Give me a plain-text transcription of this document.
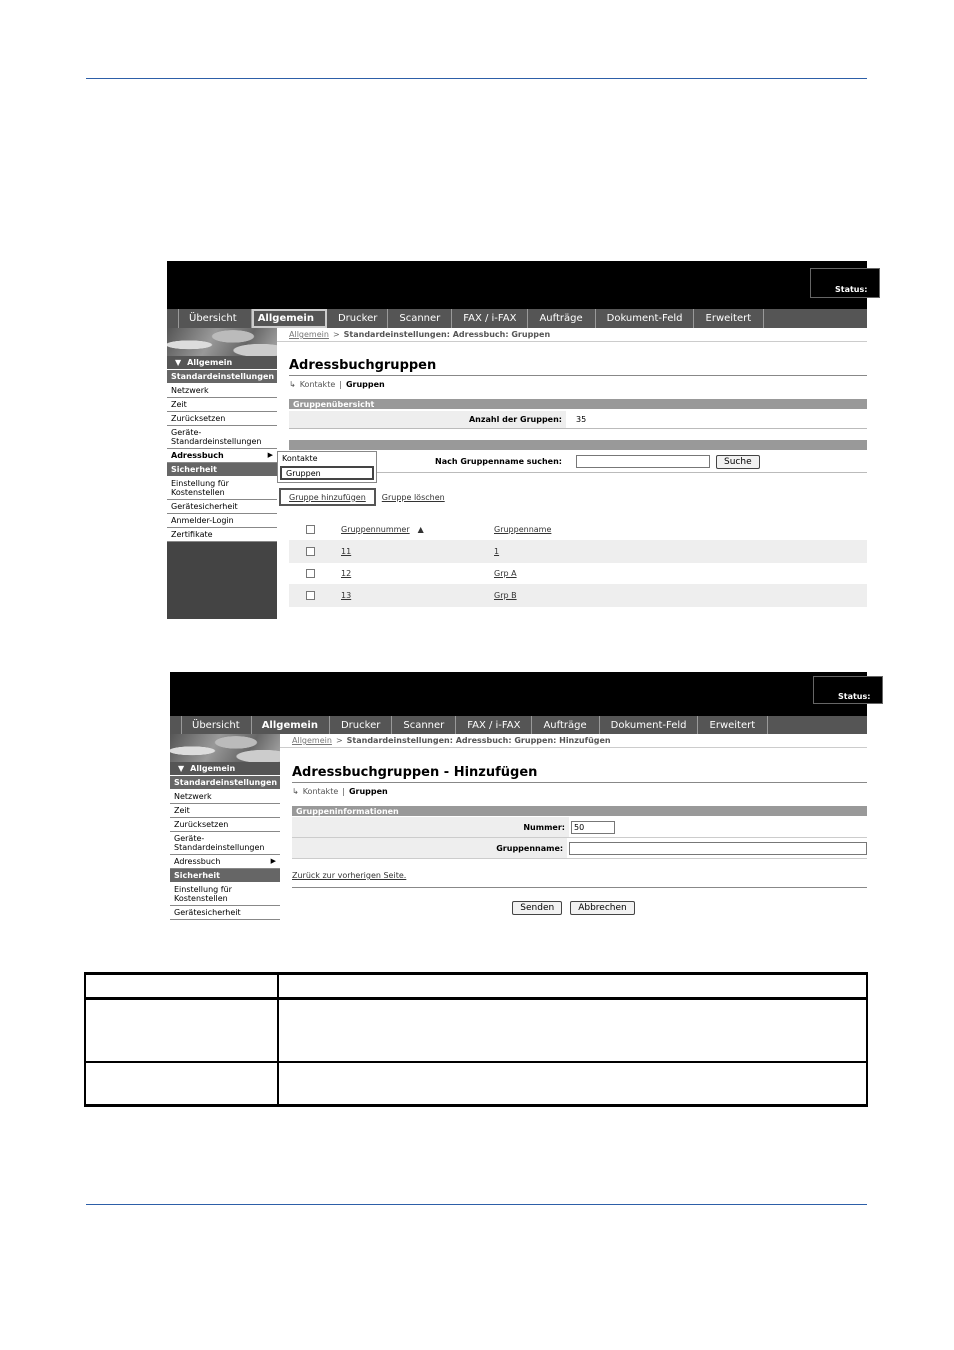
Status:
Übersicht	Allgemein	Drucker	Scanner	FAX / i-FAX	Aufträge	Dokument-Feld	Erweitert
▼ Allgemein
Standardeinstellungen
Netzwerk
Zeit
Zurücksetzen
Geräte-Standardeinstellungen
Adressbuch	▶
Sicherheit
Einstellung für Kostenstellen
Gerätesicherheit
Anmelder-Login
Zertifikate
Allgemein > Standardeinstellungen: Adressbuch: Gruppen
Adressbuchgruppen
↳ Kontakte | Gruppen
Gruppenübersicht
Anzahl der Gruppen:	35
Nach Gruppenname suchen:	Suche
Gruppe hinzufügen Gruppe löschen
Gruppennummer ▲	Gruppenname
11	1
12	Grp A
13	Grp B
Kontakte
Gruppen
Status:
Übersicht	Allgemein	Drucker	Scanner	FAX / i-FAX	Aufträge	Dokument-Feld	Erweitert
▼ Allgemein
Standardeinstellungen
Netzwerk
Zeit
Zurücksetzen
Geräte-Standardeinstellungen
Adressbuch	▶
Sicherheit
Einstellung für Kostenstellen
Gerätesicherheit
Allgemein > Standardeinstellungen: Adressbuch: Gruppen: Hinzufügen
Adressbuchgruppen - Hinzufügen
↳ Kontakte | Gruppen
Gruppeninformationen
Nummer:	50
Gruppenname:
Zurück zur vorherigen Seite.
Senden	Abbrechen
